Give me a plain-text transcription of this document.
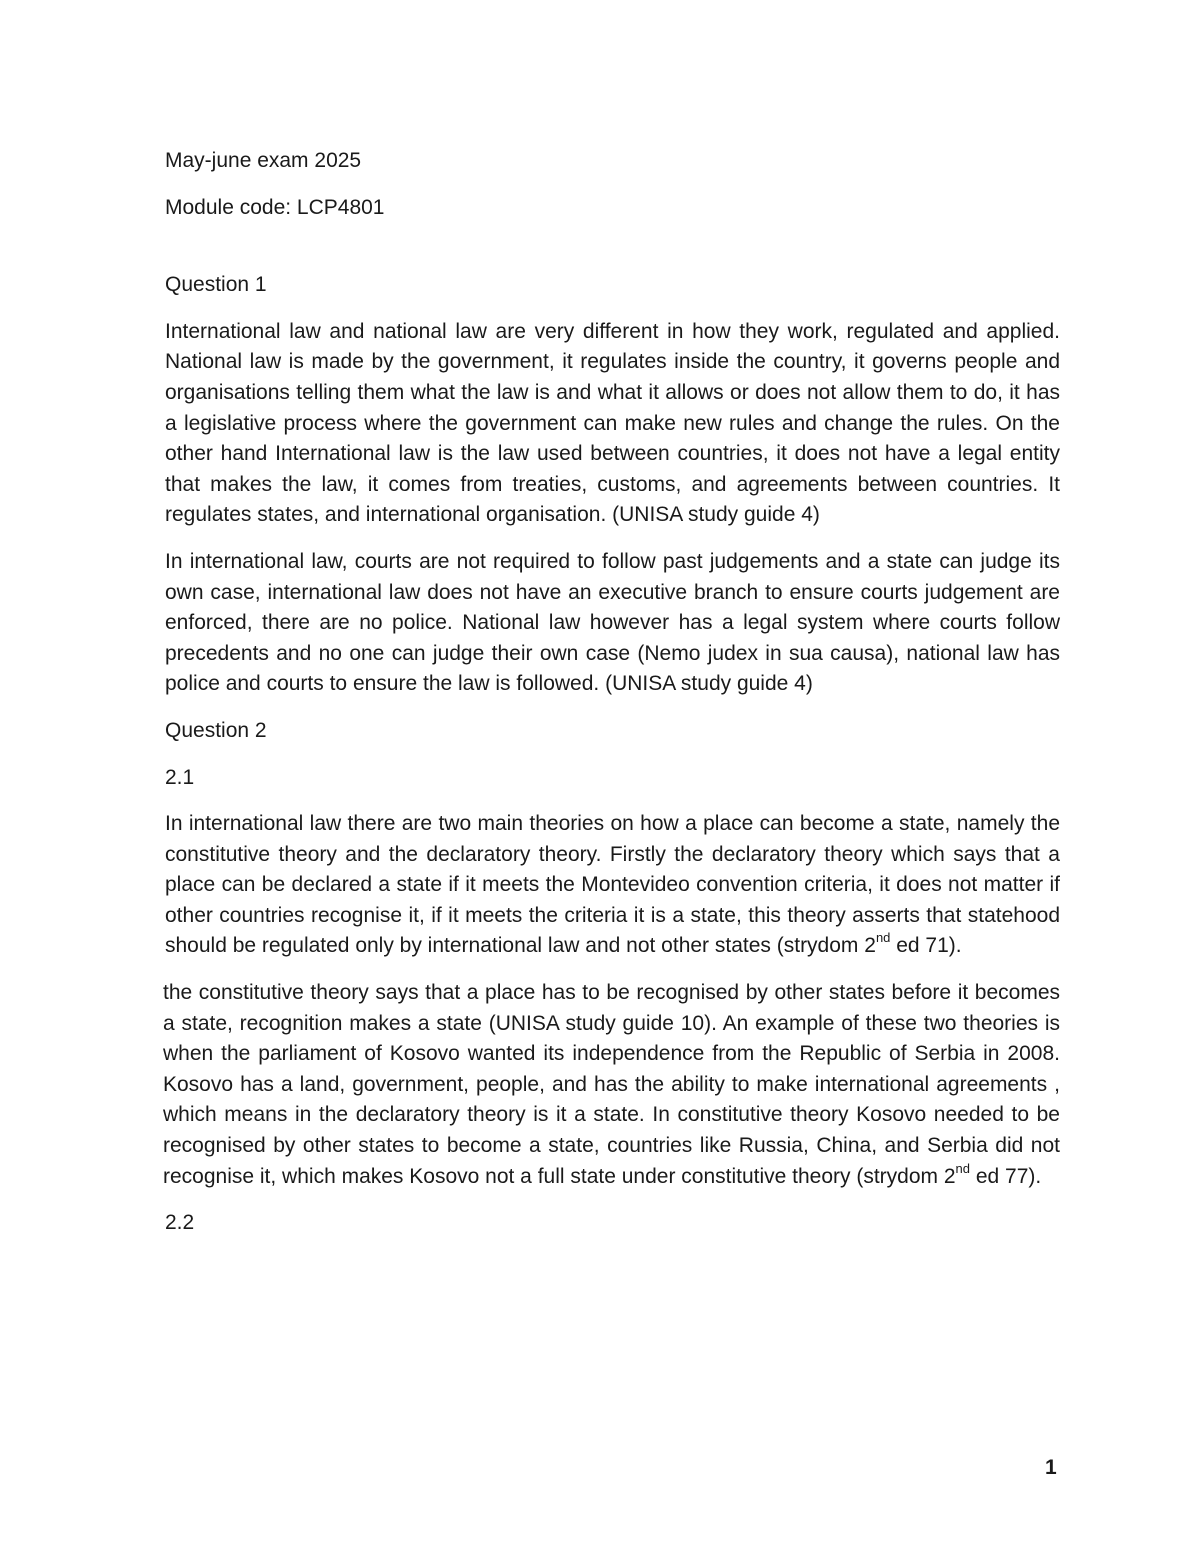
May-june exam 2025
Module code: LCP4801
Question 1

International law and national law are very different in how they work, regulated and applied. National law is made by the government, it regulates inside the country, it governs people and organisations telling them what the law is and what it allows or does not allow them to do, it has a legislative process where the government can make new rules and change the rules. On the other hand International law is the law used between countries, it does not have a legal entity that makes the law, it comes from treaties, customs, and agreements between countries. It regulates states, and international organisation. (UNISA study guide 4)

In international law, courts are not required to follow past judgements and a state can judge its own case, international law does not have an executive branch to ensure courts judgement are enforced, there are no police. National law however has a legal system where courts follow precedents and no one can judge their own case (Nemo judex in sua causa), national law has police and courts to ensure the law is followed. (UNISA study guide 4)

Question 2
2.1

In international law there are two main theories on how a place can become a state, namely the constitutive theory and the declaratory theory. Firstly the declaratory theory which says that a place can be declared a state if it meets the Montevideo convention criteria, it does not matter if other countries recognise it, if it meets the criteria it is a state, this theory asserts that statehood should be regulated only by international law and not other states (strydom 2nd ed 71).

the constitutive theory says that a place has to be recognised by other states before it becomes a state, recognition makes a state (UNISA study guide 10). An example of these two theories is when the parliament of Kosovo wanted its independence from the Republic of Serbia in 2008. Kosovo has a land, government, people, and has the ability to make international agreements , which means in the declaratory theory is it a state. In constitutive theory Kosovo needed to be recognised by other states to become a state, countries like Russia, China, and Serbia did not recognise it, which makes Kosovo not a full state under constitutive theory (strydom 2nd ed 77).

2.2
1
